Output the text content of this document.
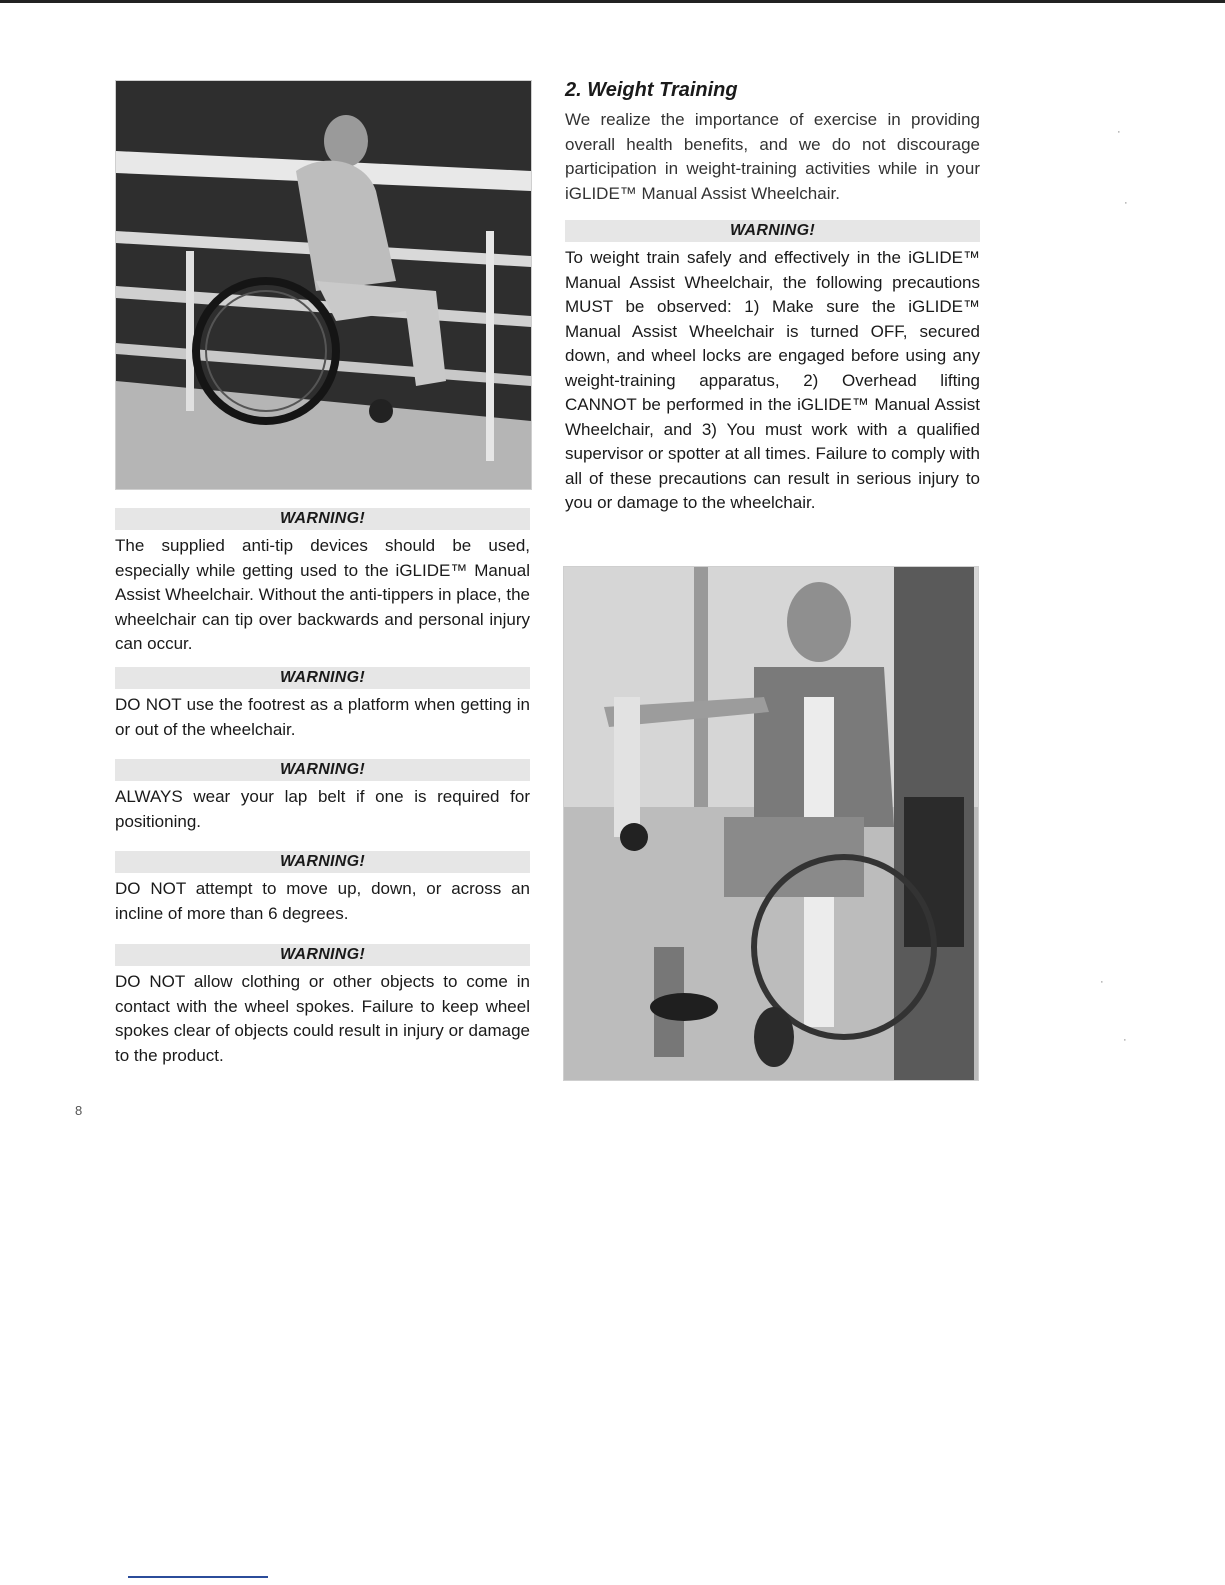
WARNING!

The supplied anti-tip devices should be used, especially while getting used to the iGLIDE™ Manual Assist Wheelchair. Without the anti-tippers in place, the wheelchair can tip over backwards and personal injury can occur.

WARNING!

DO NOT use the footrest as a platform when getting in or out of the wheelchair.

WARNING!

ALWAYS wear your lap belt if one is required for positioning.

WARNING!

DO NOT attempt to move up, down, or across an incline of more than 6 degrees.

WARNING!

DO NOT allow clothing or other objects to come in contact with the wheel spokes. Failure to keep wheel spokes clear of objects could result in injury or damage to the product.

2. Weight Training

We realize the importance of exercise in providing overall health benefits, and we do not discourage participation in weight-training activities while in your iGLIDE™ Manual Assist Wheelchair.

WARNING!

To weight train safely and effectively in the iGLIDE™ Manual Assist Wheelchair, the following precautions MUST be observed: 1) Make sure the iGLIDE™ Manual Assist Wheelchair is turned OFF, secured down, and wheel locks are engaged before using any weight-training apparatus, 2) Overhead lifting CANNOT be performed in the iGLIDE™ Manual Assist Wheelchair, and 3) You must work with a qualified supervisor or spotter at all times. Failure to comply with all of these precautions can result in serious injury to you or damage to the wheelchair.

8
·
·
·
·
